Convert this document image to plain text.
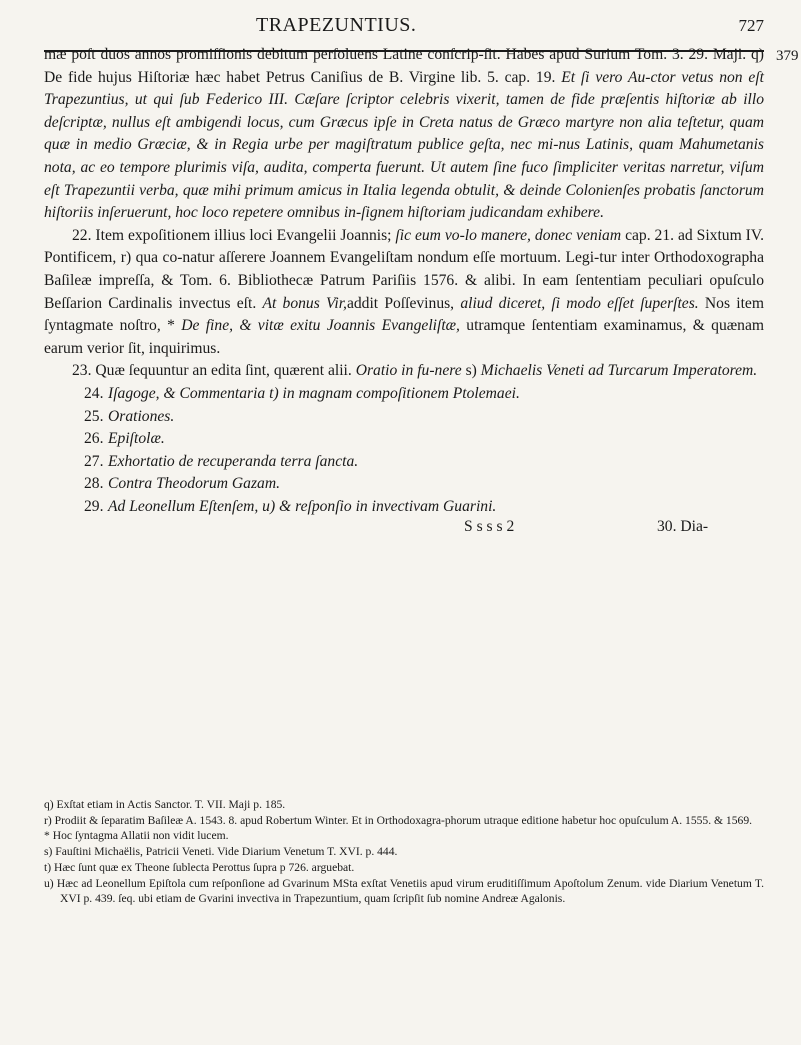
TRAPEZUNTIUS.	727
379

mæ poſt duos annos promiſſionis debitum perſoluens Latine conſcrip-ſit. Habes apud Surium Tom. 3. 29. Maji. q) De fide hujus Hiſtoriæ hæc habet Petrus Caniſius de B. Virgine lib. 5. cap. 19. Et ſi vero Au-ctor vetus non eſt Trapezuntius, ut qui ſub Federico III. Cæſare ſcriptor celebris vixerit, tamen de fide præſentis hiſtoriæ ab illo deſcriptæ, nullus eſt ambigendi locus, cum Græcus ipſe in Creta natus de Græco martyre non alia teſtetur, quam quæ in medio Græciæ, & in Regia urbe per magiſtratum publice geſta, nec mi-nus Latinis, quam Mahumetanis nota, ac eo tempore plurimis viſa, audita, comperta fuerunt. Ut autem ſine fuco ſimpliciter veritas narretur, viſum eſt Trapezuntii verba, quæ mihi primum amicus in Italia legenda obtulit, & deinde Colonienſes probatis ſanctorum hiſtoriis inſeruerunt, hoc loco repetere omnibus in-ſignem hiſtoriam judicandam exhibere.

22. Item expoſitionem illius loci Evangelii Joannis; ſic eum vo-lo manere, donec veniam cap. 21. ad Sixtum IV. Pontificem, r) qua co-natur aſſerere Joannem Evangeliſtam nondum eſſe mortuum. Legi-tur inter Orthodoxographa Baſileæ impreſſa, & Tom. 6. Bibliothecæ Patrum Pariſiis 1576. & alibi. In eam ſententiam peculiari opuſculo Beſſarion Cardinalis invectus eſt. At bonus Vir,addit Poſſevinus, aliud diceret, ſi modo eſſet ſuperſtes. Nos item ſyntagmate noſtro, * De fine, & vitæ exitu Joannis Evangeliſtæ, utramque ſententiam examinamus, & quænam earum verior ſit, inquirimus.

23. Quæ ſequuntur an edita ſint, quærent alii. Oratio in fu-nere s) Michaelis Veneti ad Turcarum Imperatorem.

24. Iſagoge, & Commentaria t) in magnam compoſitionem Ptolemaei.
25. Orationes.
26. Epiſtolæ.
27. Exhortatio de recuperanda terra ſancta.
28. Contra Theodorum Gazam.
29. Ad Leonellum Eſtenſem, u) & reſponſio in invectivam Guarini.
S s s s 2	30. Dia-

q) Exſtat etiam in Actis Sanctor. T. VII. Maji p. 185.

r) Prodiit & ſeparatim Baſileæ A. 1543. 8. apud Robertum Winter. Et in Orthodoxagra-phorum utraque editione habetur hoc opuſculum A. 1555. & 1569.

* Hoc ſyntagma Allatii non vidit lucem.

s) Fauſtini Michaëlis, Patricii Veneti. Vide Diarium Venetum T. XVI. p. 444.

t) Hæc ſunt quæ ex Theone ſublecta Perottus ſupra p 726. arguebat.

u) Hæc ad Leonellum Epiſtola cum reſponſione ad Gvarinum MSta exſtat Venetiis apud virum eruditiſſimum Apoſtolum Zenum. vide Diarium Venetum T. XVI p. 439. ſeq. ubi etiam de Gvarini invectiva in Trapezuntium, quam ſcripſit ſub nomine Andreæ Agalonis.
